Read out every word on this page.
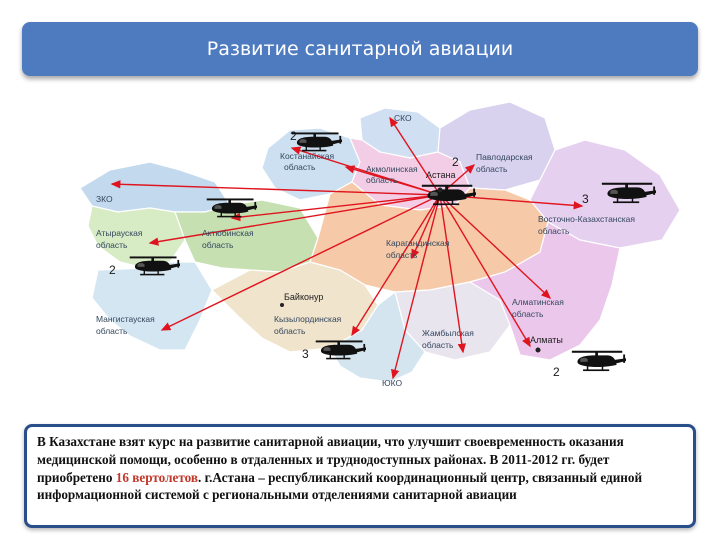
Развитие санитарной авиации
ЗКО
СКО
Костанайская
область	Акмолинская
область
Павлодарская
область
Восточно-Казахстанская
область
Атырауская
область
Актюбинская
область	Карагандинская
область
Мангистауская
область
Кызылординская
область	Жамбылская
область
Алматинская
область
ЮКО
Астана
Байконур
Алматы
2
2
3
2
3
2
В Казахстане взят курс на развитие санитарной авиации, что улучшит своевременность оказания медицинской помощи, особенно в отдаленных и труднодоступных районах. В 2011-2012 гг. будет приобретено 16 вертолетов. г.Астана – республиканский координационный центр, связанный единой информационной системой с региональными отделениями санитарной авиации
